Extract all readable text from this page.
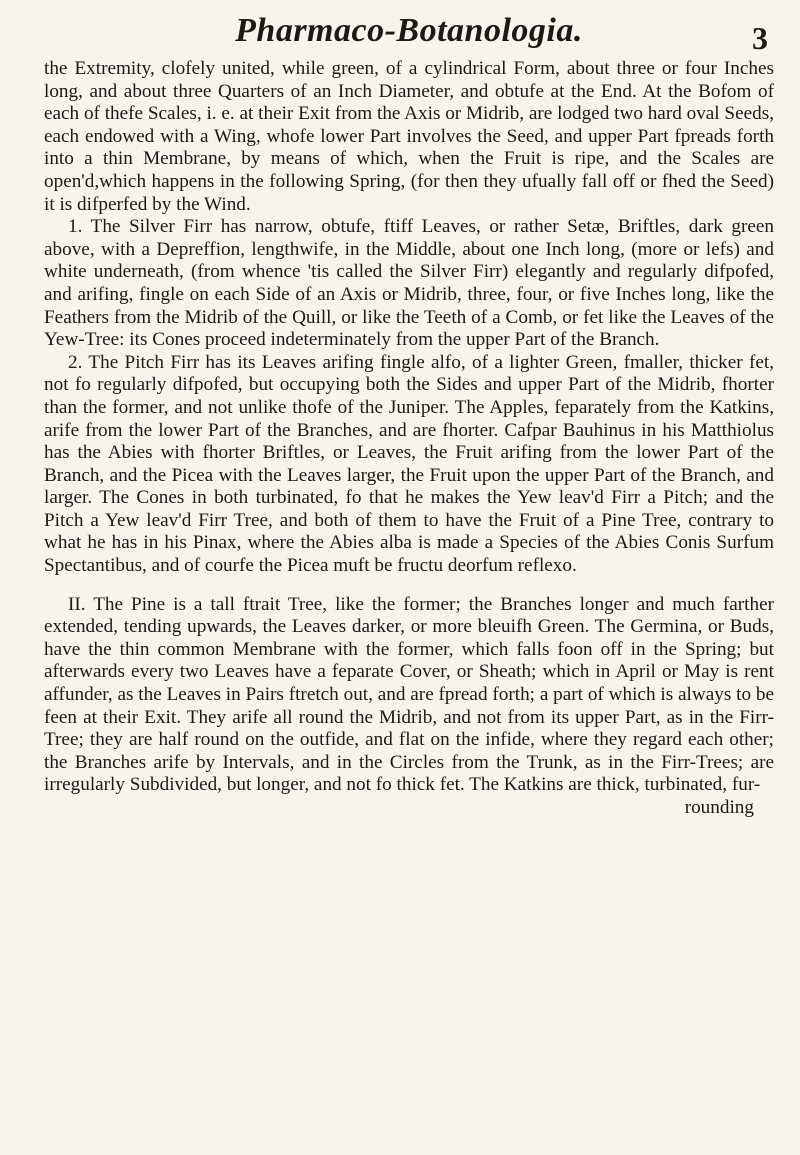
Pharmaco-Botanologia.	3

the Extremity, clofely united, while green, of a cylindrical Form, about three or four Inches long, and about three Quarters of an Inch Diameter, and obtufe at the End. At the Bofom of each of thefe Scales, i. e. at their Exit from the Axis or Midrib, are lodged two hard oval Seeds, each endowed with a Wing, whofe lower Part involves the Seed, and upper Part fpreads forth into a thin Membrane, by means of which, when the Fruit is ripe, and the Scales are open'd,which happens in the following Spring, (for then they ufually fall off or fhed the Seed) it is difperfed by the Wind.

1. The Silver Firr has narrow, obtufe, ftiff Leaves, or rather Setæ, Briftles, dark green above, with a Depreffion, lengthwife, in the Middle, about one Inch long, (more or lefs) and white underneath, (from whence 'tis called the Silver Firr) elegantly and regularly difpofed, and arifing, fingle on each Side of an Axis or Midrib, three, four, or five Inches long, like the Feathers from the Midrib of the Quill, or like the Teeth of a Comb, or fet like the Leaves of the Yew-Tree: its Cones proceed indeterminately from the upper Part of the Branch.

2. The Pitch Firr has its Leaves arifing fingle alfo, of a lighter Green, fmaller, thicker fet, not fo regularly difpofed, but occupying both the Sides and upper Part of the Midrib, fhorter than the former, and not unlike thofe of the Juniper. The Apples, feparately from the Katkins, arife from the lower Part of the Branches, and are fhorter. Cafpar Bauhinus in his Matthiolus has the Abies with fhorter Briftles, or Leaves, the Fruit arifing from the lower Part of the Branch, and the Picea with the Leaves larger, the Fruit upon the upper Part of the Branch, and larger. The Cones in both turbinated, fo that he makes the Yew leav'd Firr a Pitch; and the Pitch a Yew leav'd Firr Tree, and both of them to have the Fruit of a Pine Tree, contrary to what he has in his Pinax, where the Abies alba is made a Species of the Abies Conis Surfum Spectantibus, and of courfe the Picea muft be fructu deorfum reflexo.

II. The Pine is a tall ftrait Tree, like the former; the Branches longer and much farther extended, tending upwards, the Leaves darker, or more bleuifh Green. The Germina, or Buds, have the thin common Membrane with the former, which falls foon off in the Spring; but afterwards every two Leaves have a feparate Cover, or Sheath; which in April or May is rent affunder, as the Leaves in Pairs ftretch out, and are fpread forth; a part of which is always to be feen at their Exit. They arife all round the Midrib, and not from its upper Part, as in the Firr-Tree; they are half round on the outfide, and flat on the infide, where they regard each other; the Branches arife by Intervals, and in the Circles from the Trunk, as in the Firr-Trees; are irregularly Subdivided, but longer, and not fo thick fet. The Katkins are thick, turbinated, fur-

rounding
